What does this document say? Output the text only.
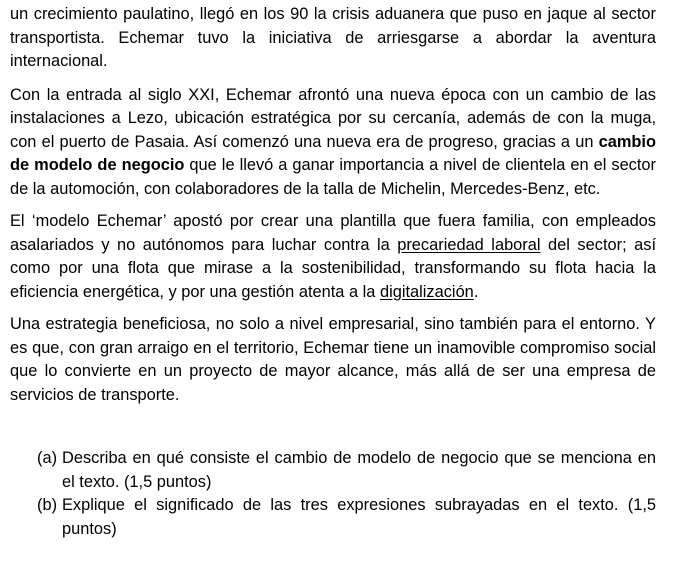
un crecimiento paulatino, llegó en los 90 la crisis aduanera que puso en jaque al sector transportista. Echemar tuvo la iniciativa de arriesgarse a abordar la aventura internacional.

Con la entrada al siglo XXI, Echemar afrontó una nueva época con un cambio de las instalaciones a Lezo, ubicación estratégica por su cercanía, además de con la muga, con el puerto de Pasaia. Así comenzó una nueva era de progreso, gracias a un cambio de modelo de negocio que le llevó a ganar importancia a nivel de clientela en el sector de la automoción, con colaboradores de la talla de Michelin, Mercedes-Benz, etc.

El ‘modelo Echemar’ apostó por crear una plantilla que fuera familia, con empleados asalariados y no autónomos para luchar contra la precariedad laboral del sector; así como por una flota que mirase a la sostenibilidad, transformando su flota hacia la eficiencia energética, y por una gestión atenta a la digitalización.

Una estrategia beneficiosa, no solo a nivel empresarial, sino también para el entorno. Y es que, con gran arraigo en el territorio, Echemar tiene un inamovible compromiso social que lo convierte en un proyecto de mayor alcance, más allá de ser una empresa de servicios de transporte.

(a) Describa en qué consiste el cambio de modelo de negocio que se menciona en el texto. (1,5 puntos)
(b) Explique el significado de las tres expresiones subrayadas en el texto. (1,5 puntos)
